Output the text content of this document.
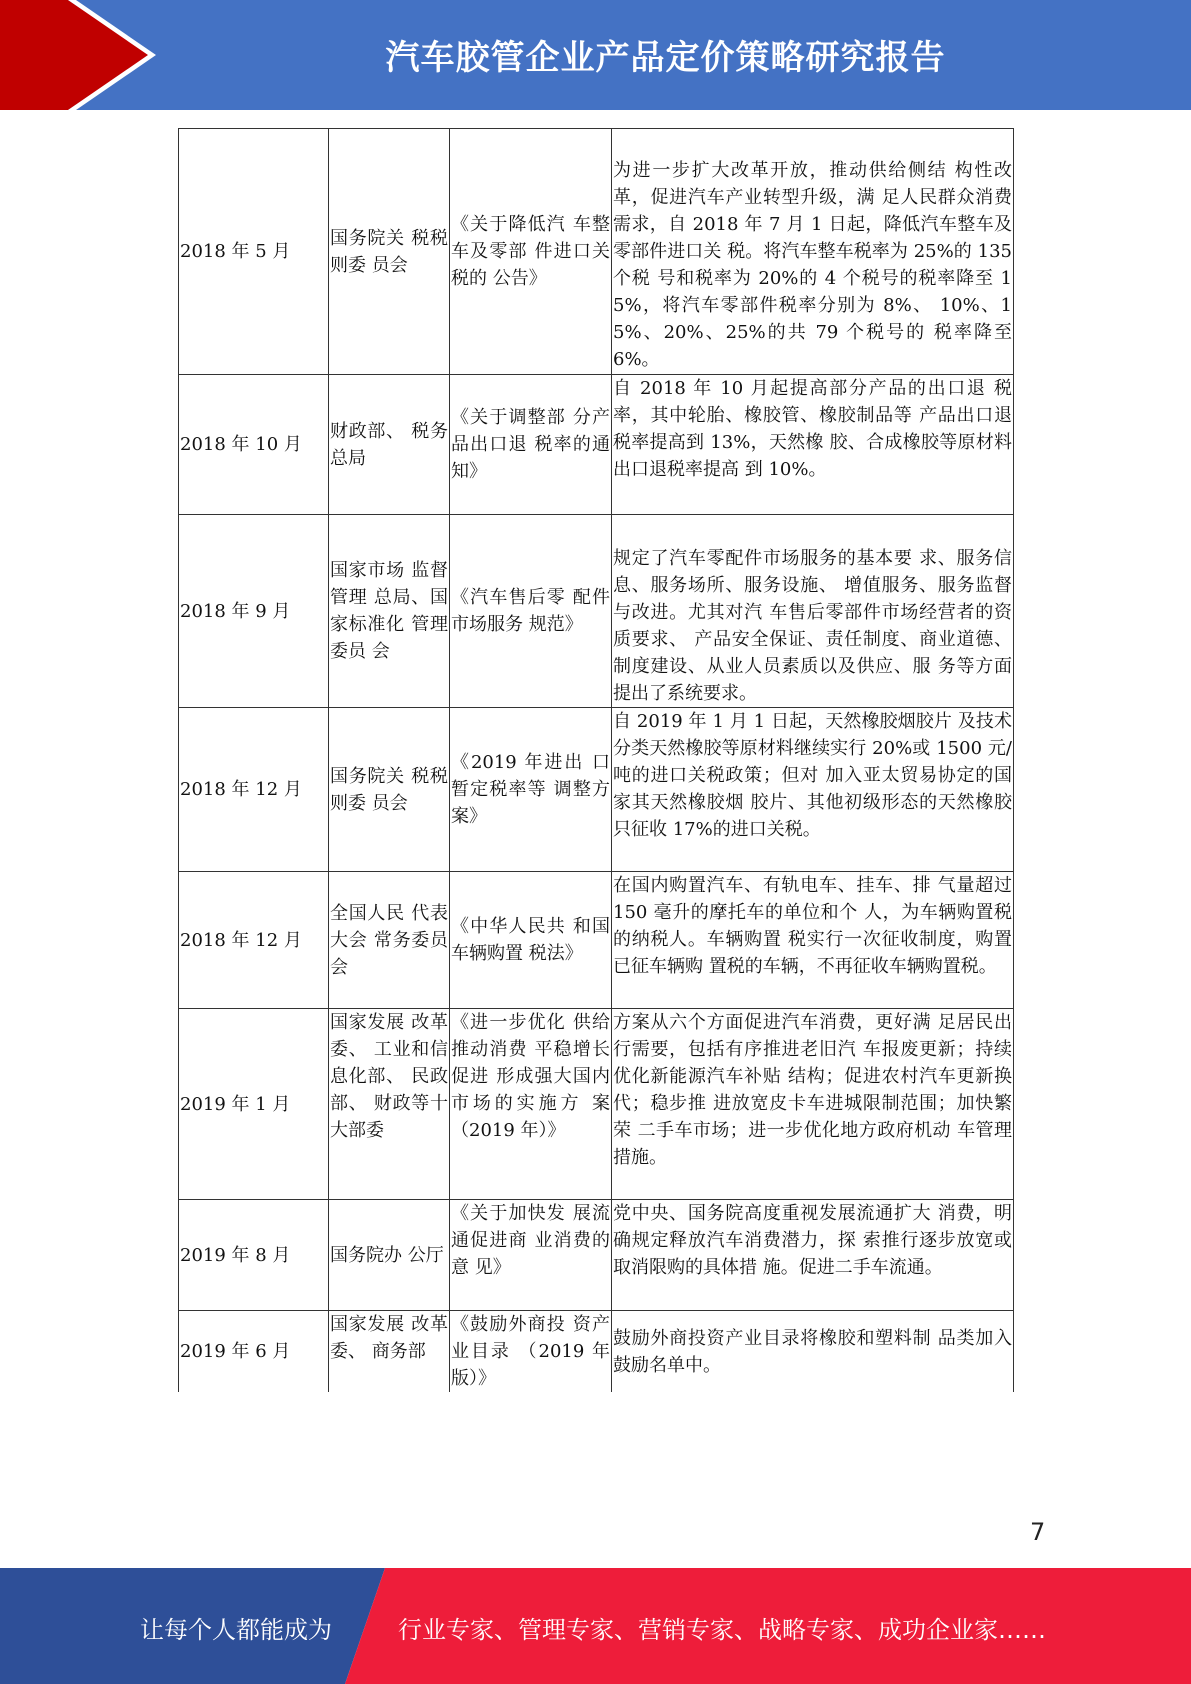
汽车胶管企业产品定价策略研究报告
2018 年 5 月	国务院关 税税则委 员会	《关于降低汽 车整车及零部 件进口关税的 公告》	为进一步扩大改革开放，推动供给侧结 构性改革，促进汽车产业转型升级，满 足人民群众消费需求，自 2018 年 7 月 1 日起，降低汽车整车及零部件进口关 税。将汽车整车税率为 25%的 135 个税 号和税率为 20%的 4 个税号的税率降至 15%，将汽车零部件税率分别为 8%、 10%、15%、20%、25%的共 79 个税号的 税率降至 6%。
2018 年 10 月	财政部、 税务总局	《关于调整部 分产品出口退 税率的通知》	自 2018 年 10 月起提高部分产品的出口退 税率，其中轮胎、橡胶管、橡胶制品等 产品出口退税率提高到 13%，天然橡 胶、合成橡胶等原材料出口退税率提高 到 10%。
2018 年 9 月	国家市场 监督管理 总局、国 家标准化 管理委员 会	《汽车售后零 配件市场服务 规范》	规定了汽车零配件市场服务的基本要 求、服务信息、服务场所、服务设施、 增值服务、服务监督与改进。尤其对汽 车售后零部件市场经营者的资质要求、 产品安全保证、责任制度、商业道德、 制度建设、从业人员素质以及供应、服 务等方面提出了系统要求。
2018 年 12 月	国务院关 税税则委 员会	《2019 年进出 口暂定税率等 调整方案》	自 2019 年 1 月 1 日起，天然橡胶烟胶片 及技术分类天然橡胶等原材料继续实行 20%或 1500 元/吨的进口关税政策；但对 加入亚太贸易协定的国家其天然橡胶烟 胶片、其他初级形态的天然橡胶只征收 17%的进口关税。
2018 年 12 月	全国人民 代表大会 常务委员 会	《中华人民共 和国车辆购置 税法》	在国内购置汽车、有轨电车、挂车、排 气量超过 150 毫升的摩托车的单位和个 人，为车辆购置税的纳税人。车辆购置 税实行一次征收制度，购置已征车辆购 置税的车辆，不再征收车辆购置税。
2019 年 1 月	国家发展 改革委、 工业和信 息化部、 民政部、 财政等十 大部委	《进一步优化 供给推动消费 平稳增长促进 形成强大国内 市场的实施方 案（2019 年）》	方案从六个方面促进汽车消费，更好满 足居民出行需要，包括有序推进老旧汽 车报废更新；持续优化新能源汽车补贴 结构；促进农村汽车更新换代；稳步推 进放宽皮卡车进城限制范围；加快繁荣 二手车市场；进一步优化地方政府机动 车管理措施。
2019 年 8 月	国务院办 公厅	《关于加快发 展流通促进商 业消费的意 见》	党中央、国务院高度重视发展流通扩大 消费，明确规定释放汽车消费潜力，探 索推行逐步放宽或取消限购的具体措 施。促进二手车流通。
2019 年 6 月	国家发展 改革委、 商务部	《鼓励外商投 资产业目录 （2019 年版）》	鼓励外商投资产业目录将橡胶和塑料制 品类加入鼓励名单中。
7
让每个人都能成为	行业专家、管理专家、营销专家、战略专家、成功企业家……
